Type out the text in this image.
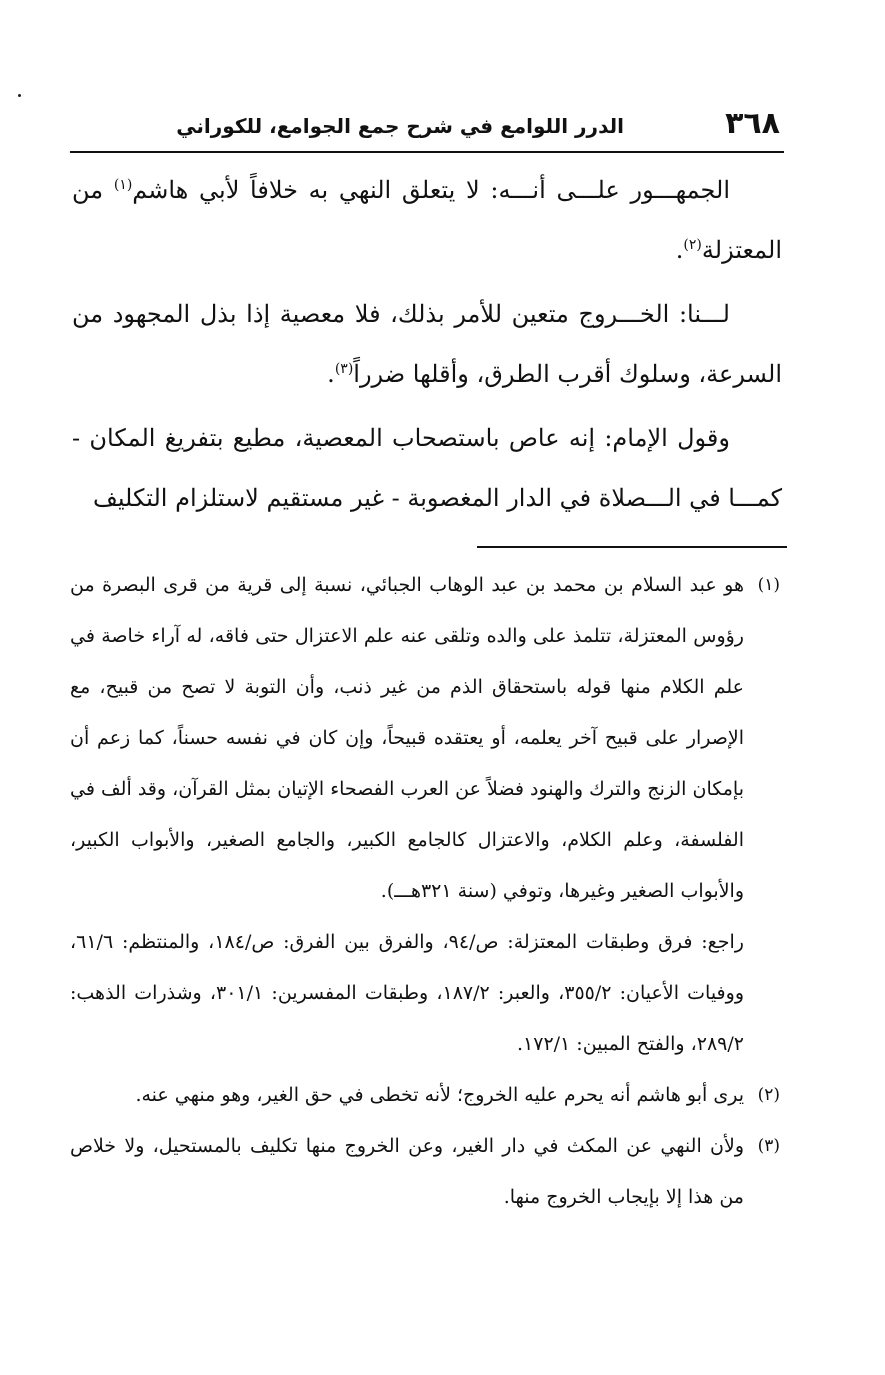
٣٦٨
الدرر اللوامع في شرح جمع الجوامع، للكوراني

الجمهـــور علـــى أنـــه: لا يتعلق النهي به خلافاً لأبي هاشم$^{(١)}$ من المعتزلة$^{(٢)}$.

لـــنا: الخـــروج متعين للأمر بذلك، فلا معصية إذا بذل المجهود من السرعة، وسلوك أقرب الطرق، وأقلها ضرراً$^{(٣)}$.

وقول الإمام: إنه عاص باستصحاب المعصية، مطيع بتفريغ المكان - كمـــا في الـــصلاة في الدار المغصوبة - غير مستقيم لاستلزام التكليف

(١)
هو عبد السلام بن محمد بن عبد الوهاب الجبائي، نسبة إلى قرية من قرى البصرة من رؤوس المعتزلة، تتلمذ على والده وتلقى عنه علم الاعتزال حتى فاقه، له آراء خاصة في علم الكلام منها قوله باستحقاق الذم من غير ذنب، وأن التوبة لا تصح من قبيح، مع الإصرار على قبيح آخر يعلمه، أو يعتقده قبيحاً، وإن كان في نفسه حسناً، كما زعم أن بإمكان الزنج والترك والهنود فضلاً عن العرب الفصحاء الإتيان بمثل القرآن، وقد ألف في الفلسفة، وعلم الكلام، والاعتزال كالجامع الكبير، والجامع الصغير، والأبواب الكبير، والأبواب الصغير وغيرها، وتوفي (سنة ٣٢١هـــ).

راجع: فرق وطبقات المعتزلة: ص/٩٤، والفرق بين الفرق: ص/١٨٤، والمنتظم: ٦١/٦، ووفيات الأعيان: ٣٥٥/٢، والعبر: ١٨٧/٢، وطبقات المفسرين: ٣٠١/١، وشذرات الذهب: ٢٨٩/٢، والفتح المبين: ١٧٢/١.

(٢)
يرى أبو هاشم أنه يحرم عليه الخروج؛ لأنه تخطى في حق الغير، وهو منهي عنه.

(٣)
ولأن النهي عن المكث في دار الغير، وعن الخروج منها تكليف بالمستحيل، ولا خلاص من هذا إلا بإيجاب الخروج منها.
